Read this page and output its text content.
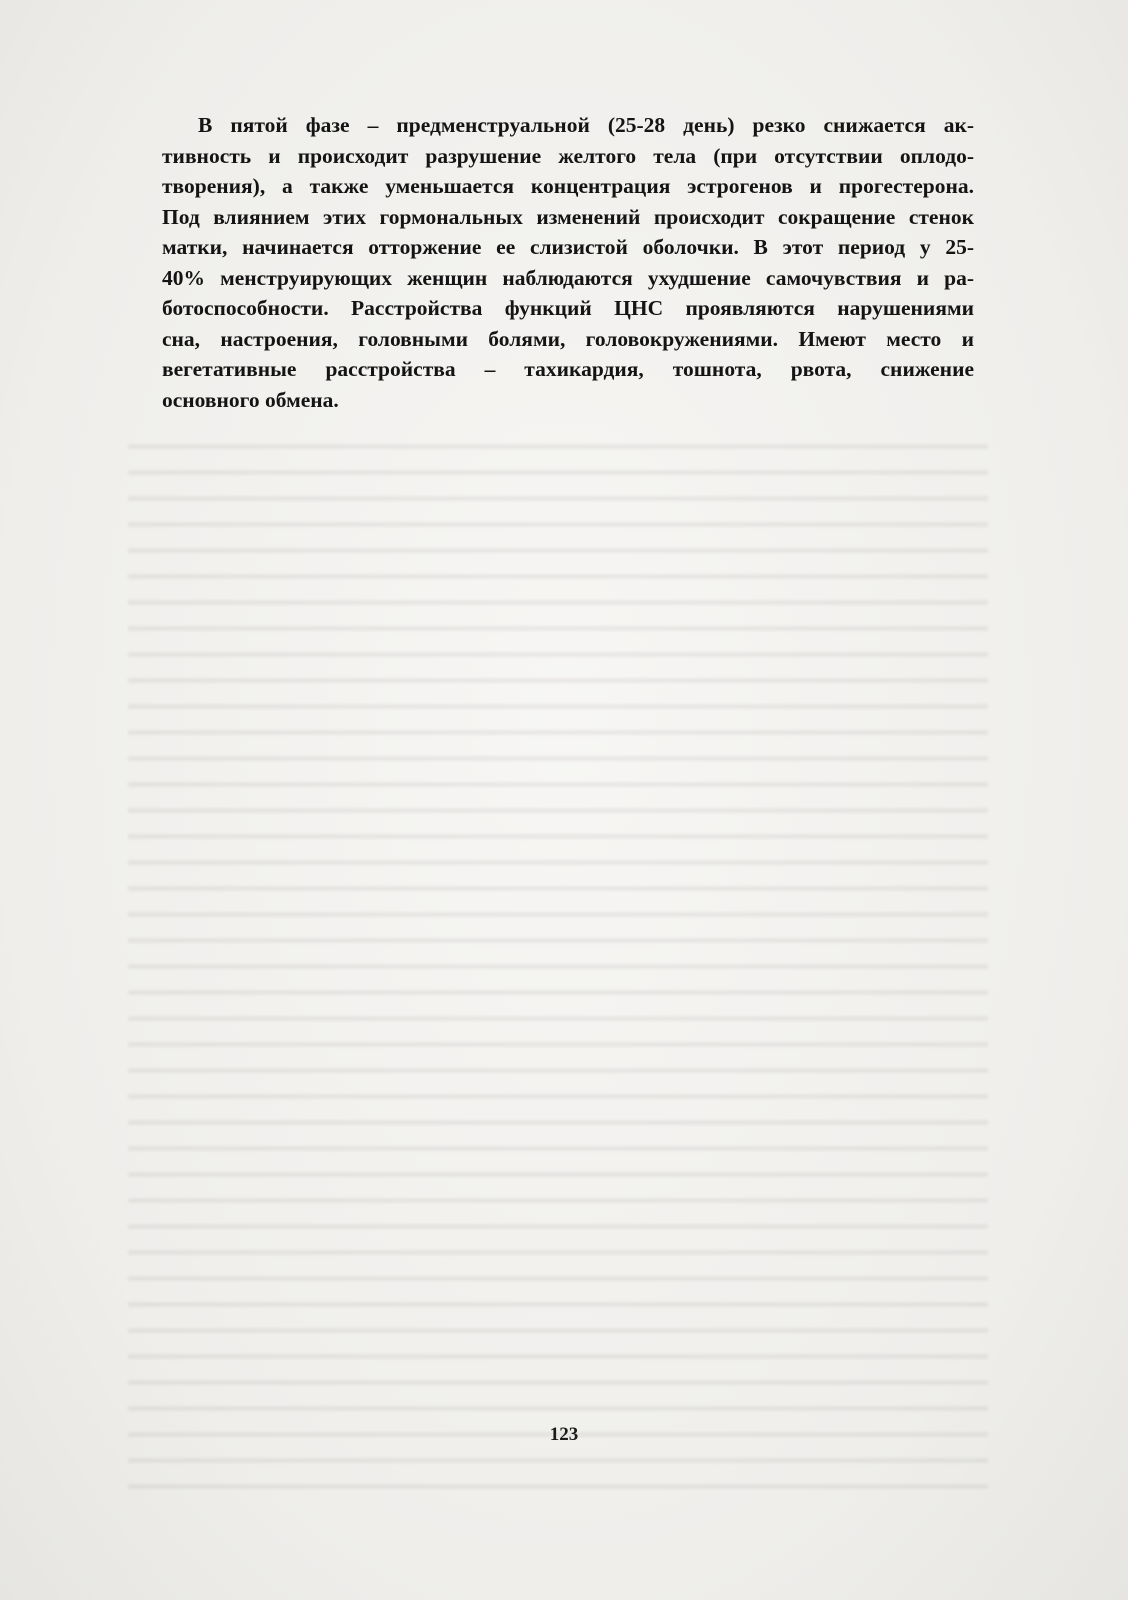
В пятой фазе – предменструальной (25-28 день) резко снижается ак-
тивность и происходит разрушение желтого тела (при отсутствии оплодо-
творения), а также уменьшается концентрация эстрогенов и прогестерона.
Под влиянием этих гормональных изменений происходит сокращение стенок
матки, начинается отторжение ее слизистой оболочки. В этот период у 25-
40% менструирующих женщин наблюдаются ухудшение самочувствия и ра-
ботоспособности. Расстройства функций ЦНС проявляются нарушениями
сна, настроения, головными болями, головокружениями. Имеют место и
вегетативные расстройства – тахикардия, тошнота, рвота, снижение
основного обмена.

123
